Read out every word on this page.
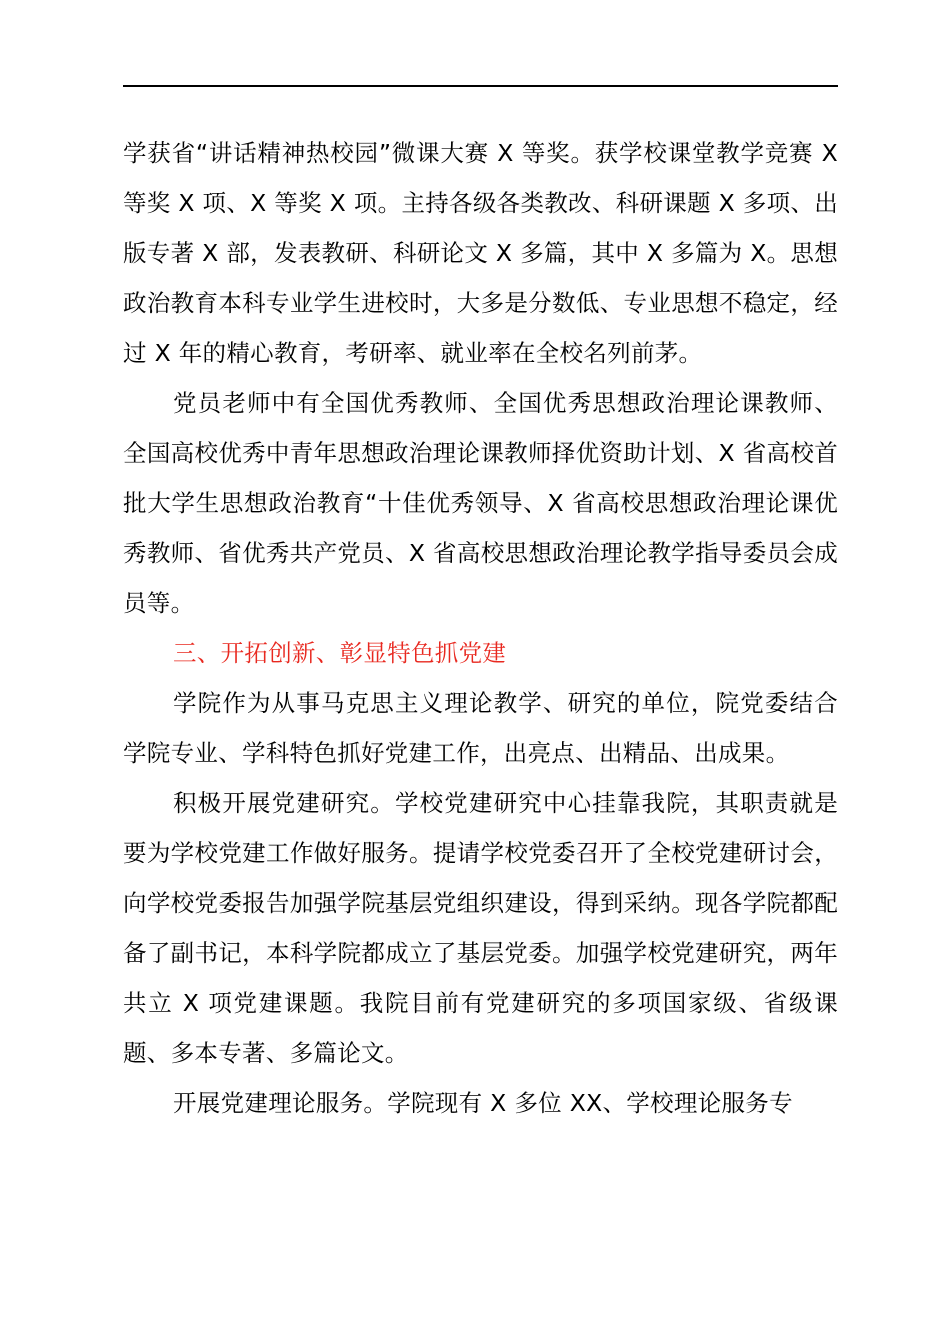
学获省“讲话精神热校园”微课大赛 X 等奖。获学校课堂教学竞赛 X 等奖 X 项、X 等奖 X 项。主持各级各类教改、科研课题 X 多项、出版专著 X 部，发表教研、科研论文 X 多篇，其中 X 多篇为 X。思想政治教育本科专业学生进校时，大多是分数低、专业思想不稳定，经过 X 年的精心教育，考研率、就业率在全校名列前茅。

党员老师中有全国优秀教师、全国优秀思想政治理论课教师、全国高校优秀中青年思想政治理论课教师择优资助计划、X 省高校首批大学生思想政治教育“十佳优秀领导、X 省高校思想政治理论课优秀教师、省优秀共产党员、X 省高校思想政治理论教学指导委员会成员等。

三、开拓创新、彰显特色抓党建

学院作为从事马克思主义理论教学、研究的单位，院党委结合学院专业、学科特色抓好党建工作，出亮点、出精品、出成果。

积极开展党建研究。学校党建研究中心挂靠我院，其职责就是要为学校党建工作做好服务。提请学校党委召开了全校党建研讨会，向学校党委报告加强学院基层党组织建设，得到采纳。现各学院都配备了副书记，本科学院都成立了基层党委。加强学校党建研究，两年共立 X 项党建课题。我院目前有党建研究的多项国家级、省级课题、多本专著、多篇论文。

开展党建理论服务。学院现有 X 多位 XX、学校理论服务专
